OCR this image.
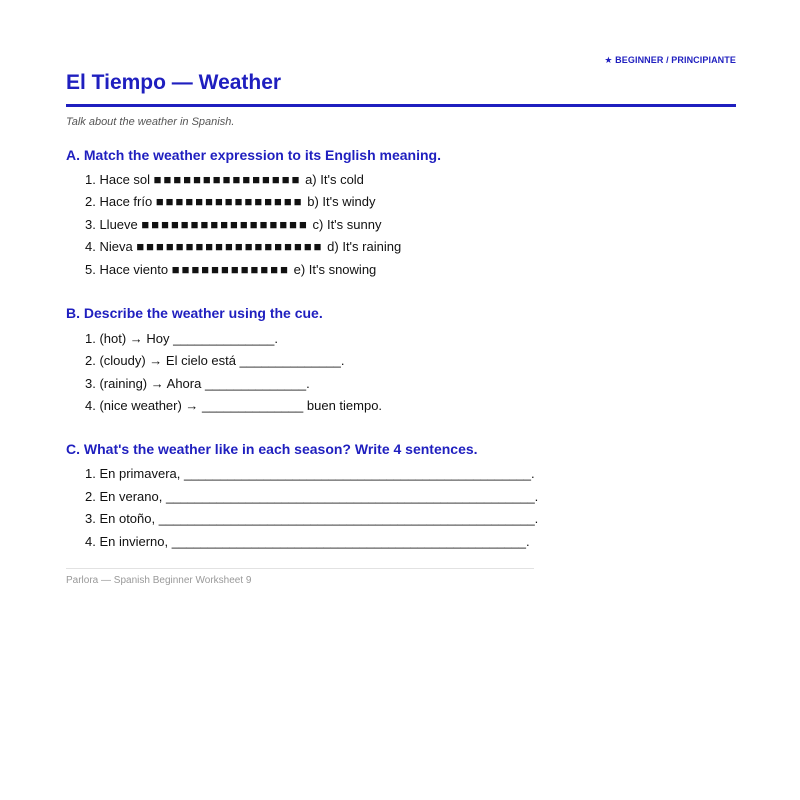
★ BEGINNER / PRINCIPIANTE
El Tiempo — Weather
Talk about the weather in Spanish.
A. Match the weather expression to its English meaning.
1. Hace sol ■■■■■■■■■■■■■■■ a) It's cold
2. Hace frío ■■■■■■■■■■■■■■■ b) It's windy
3. Llueve ■■■■■■■■■■■■■■■■■ c) It's sunny
4. Nieva ■■■■■■■■■■■■■■■■■■■ d) It's raining
5. Hace viento ■■■■■■■■■■■■ e) It's snowing
B. Describe the weather using the cue.
1. (hot) → Hoy ______________.
2. (cloudy) → El cielo está ______________.
3. (raining) → Ahora ______________.
4. (nice weather) → ______________ buen tiempo.
C. What's the weather like in each season? Write 4 sentences.
1. En primavera, ________________________________________________.
2. En verano, ___________________________________________________.
3. En otoño, ____________________________________________________.
4. En invierno, _________________________________________________.
Parlora — Spanish Beginner Worksheet 9
